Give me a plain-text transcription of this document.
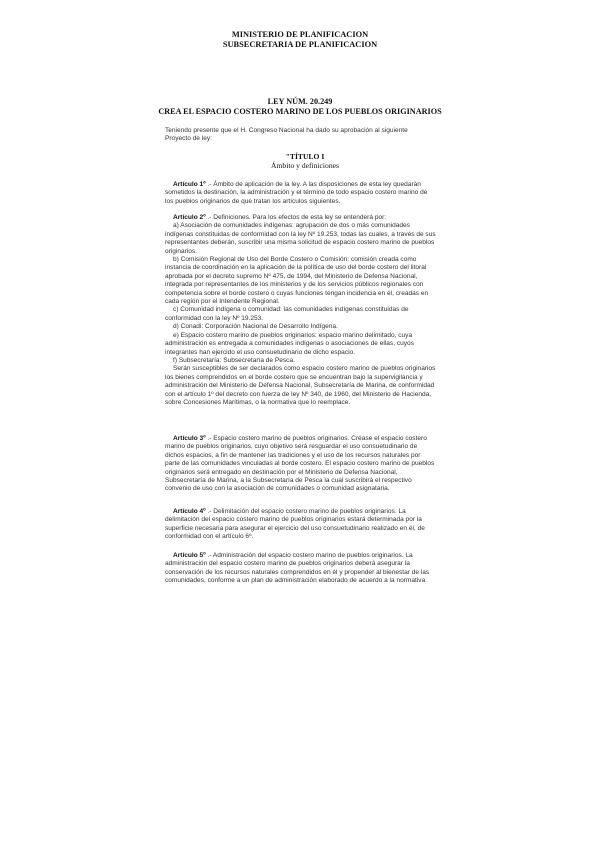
MINISTERIO DE PLANIFICACION
SUBSECRETARIA DE PLANIFICACION
LEY NÚM. 20.249
CREA EL ESPACIO COSTERO MARINO DE LOS PUEBLOS ORIGINARIOS
Teniendo presente que el H. Congreso Nacional ha dado su aprobación al siguiente
Proyecto de ley:
"TÍTULO I
Ámbito y definiciones
Artículo 1º .- Ámbito de aplicación de la ley. A las disposiciones de esta ley quedarán
sometidos la destinación, la administración y el término de todo espacio costero marino de
los pueblos originarios de que tratan los artículos siguientes.
Artículo 2º .- Definiciones. Para los efectos de esta ley se entenderá por:
a) Asociación de comunidades indígenas: agrupación de dos o más comunidades
indígenas constituidas de conformidad con la ley Nº 19.253, todas las cuales, a través de sus
representantes deberán, suscribir una misma solicitud de espacio costero marino de pueblos
originarios.
b) Comisión Regional de Uso del Borde Costero o Comisión: comisión creada como
instancia de coordinación en la aplicación de la política de uso del borde costero del litoral
aprobada por el decreto supremo Nº 475, de 1994, del Ministerio de Defensa Nacional,
integrada por representantes de los ministerios y de los servicios públicos regionales con
competencia sobre el borde costero o cuyas funciones tengan incidencia en él, creadas en
cada región por el Intendente Regional.
c) Comunidad indígena o comunidad: las comunidades indígenas constituidas de
conformidad con la ley Nº 19.253.
d) Conadi: Corporación Nacional de Desarrollo Indígena.
e) Espacio costero marino de pueblos originarios: espacio marino delimitado, cuya
administración es entregada a comunidades indígenas o asociaciones de ellas, cuyos
integrantes han ejercido el uso consuetudinario de dicho espacio.
f) Subsecretaría: Subsecretaría de Pesca.
Serán susceptibles de ser declarados como espacio costero marino de pueblos originarios
los bienes comprendidos en el borde costero que se encuentran bajo la supervigilancia y
administración del Ministerio de Defensa Nacional, Subsecretaría de Marina, de conformidad
con el artículo 1º del decreto con fuerza de ley Nº 340, de 1960, del Ministerio de Hacienda,
sobre Concesiones Marítimas, o la normativa que lo reemplace.
Artículo 3º .- Espacio costero marino de pueblos originarios. Créase el espacio costero
marino de pueblos originarios, cuyo objetivo será resguardar el uso consuetudinario de
dichos espacios, a fin de mantener las tradiciones y el uso de los recursos naturales por
parte de las comunidades vinculadas al borde costero. El espacio costero marino de pueblos
originarios será entregado en destinación por el Ministerio de Defensa Nacional,
Subsecretaría de Marina, a la Subsecretaría de Pesca la cual suscribirá el respectivo
convenio de uso con la asociación de comunidades o comunidad asignataria.
Artículo 4º .- Delimitación del espacio costero marino de pueblos originarios. La
delimitación del espacio costero marino de pueblos originarios estará determinada por la
superficie necesaria para asegurar el ejercicio del uso consuetudinario realizado en él, de
conformidad con el artículo 6º.
Artículo 5º .- Administración del espacio costero marino de pueblos originarios. La
administración del espacio costero marino de pueblos originarios deberá asegurar la
conservación de los recursos naturales comprendidos en él y propender al bienestar de las
comunidades, conforme a un plan de administración elaborado de acuerdo a la normativa
